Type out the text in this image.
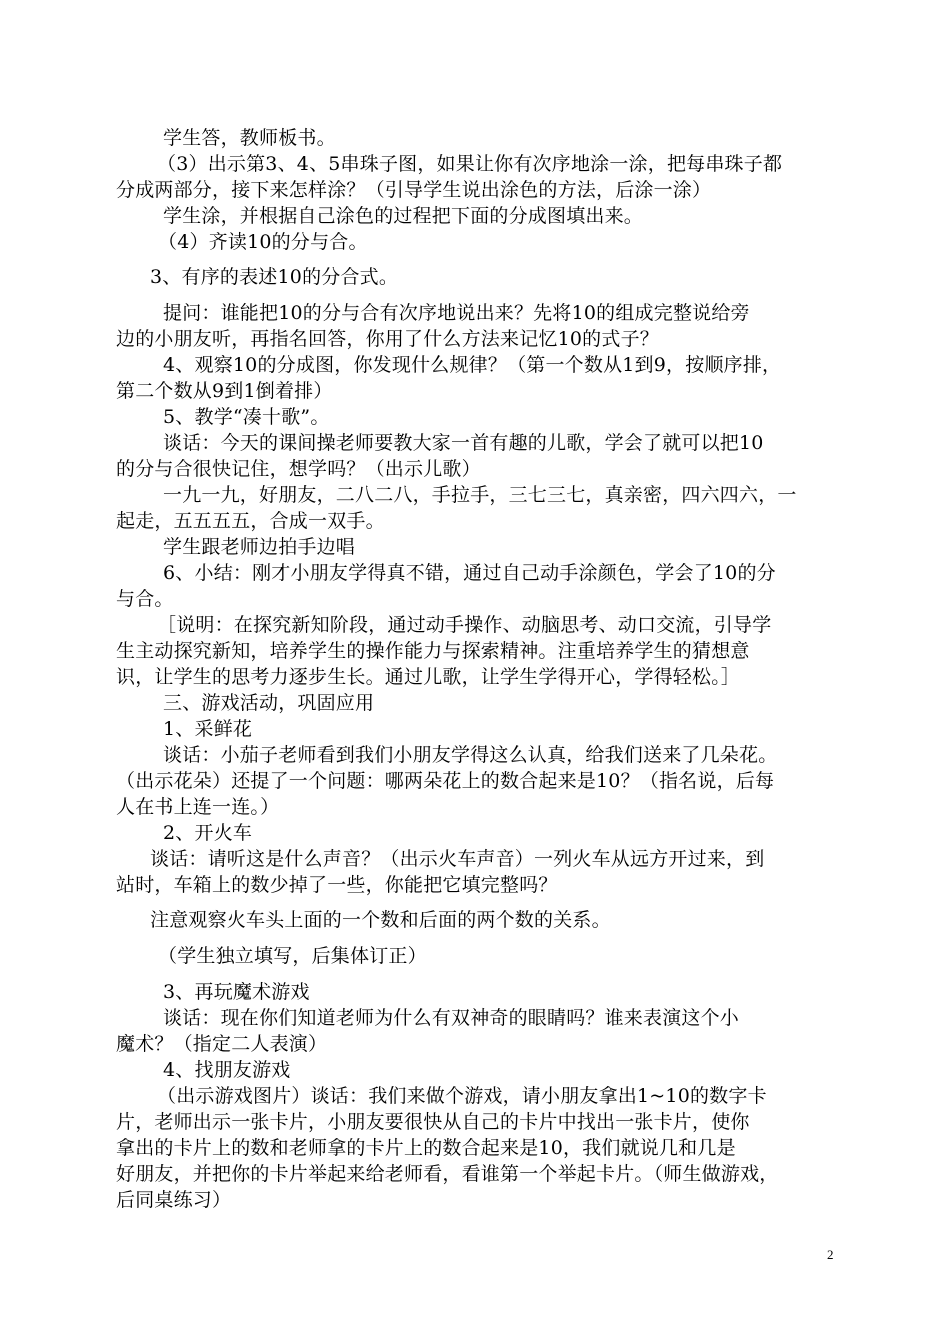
学生答，教师板书。
（3）出示第3、4、5串珠子图，如果让你有次序地涂一涂，把每串珠子都
分成两部分，接下来怎样涂？（引导学生说出涂色的方法，后涂一涂）
学生涂，并根据自己涂色的过程把下面的分成图填出来。
（4）齐读10的分与合。
3、有序的表述10的分合式。
提问：谁能把10的分与合有次序地说出来？先将10的组成完整说给旁
边的小朋友听，再指名回答，你用了什么方法来记忆10的式子？
4、观察10的分成图，你发现什么规律？（第一个数从1到9，按顺序排，
第二个数从9到1倒着排）
5、教学“凑十歌”。
谈话：今天的课间操老师要教大家一首有趣的儿歌，学会了就可以把10
的分与合很快记住，想学吗？（出示儿歌）
一九一九，好朋友，二八二八，手拉手，三七三七，真亲密，四六四六，一
起走，五五五五，合成一双手。
学生跟老师边拍手边唱
6、小结：刚才小朋友学得真不错，通过自己动手涂颜色，学会了10的分
与合。
［说明：在探究新知阶段，通过动手操作、动脑思考、动口交流，引导学
生主动探究新知，培养学生的操作能力与探索精神。注重培养学生的猜想意
识，让学生的思考力逐步生长。通过儿歌，让学生学得开心，学得轻松。］
三、游戏活动，巩固应用
1、采鲜花
谈话：小茄子老师看到我们小朋友学得这么认真，给我们送来了几朵花。
（出示花朵）还提了一个问题：哪两朵花上的数合起来是10？（指名说，后每
人在书上连一连。）
2、开火车
谈话：请听这是什么声音？（出示火车声音）一列火车从远方开过来，到
站时，车箱上的数少掉了一些，你能把它填完整吗？
注意观察火车头上面的一个数和后面的两个数的关系。
（学生独立填写，后集体订正）
3、再玩魔术游戏
谈话：现在你们知道老师为什么有双神奇的眼睛吗？谁来表演这个小
魔术？（指定二人表演）
4、找朋友游戏
（出示游戏图片）谈话：我们来做个游戏，请小朋友拿出1~10的数字卡
片，老师出示一张卡片，小朋友要很快从自己的卡片中找出一张卡片，使你
拿出的卡片上的数和老师拿的卡片上的数合起来是10，我们就说几和几是
好朋友，并把你的卡片举起来给老师看，看谁第一个举起卡片。（师生做游戏，
后同桌练习）
2
